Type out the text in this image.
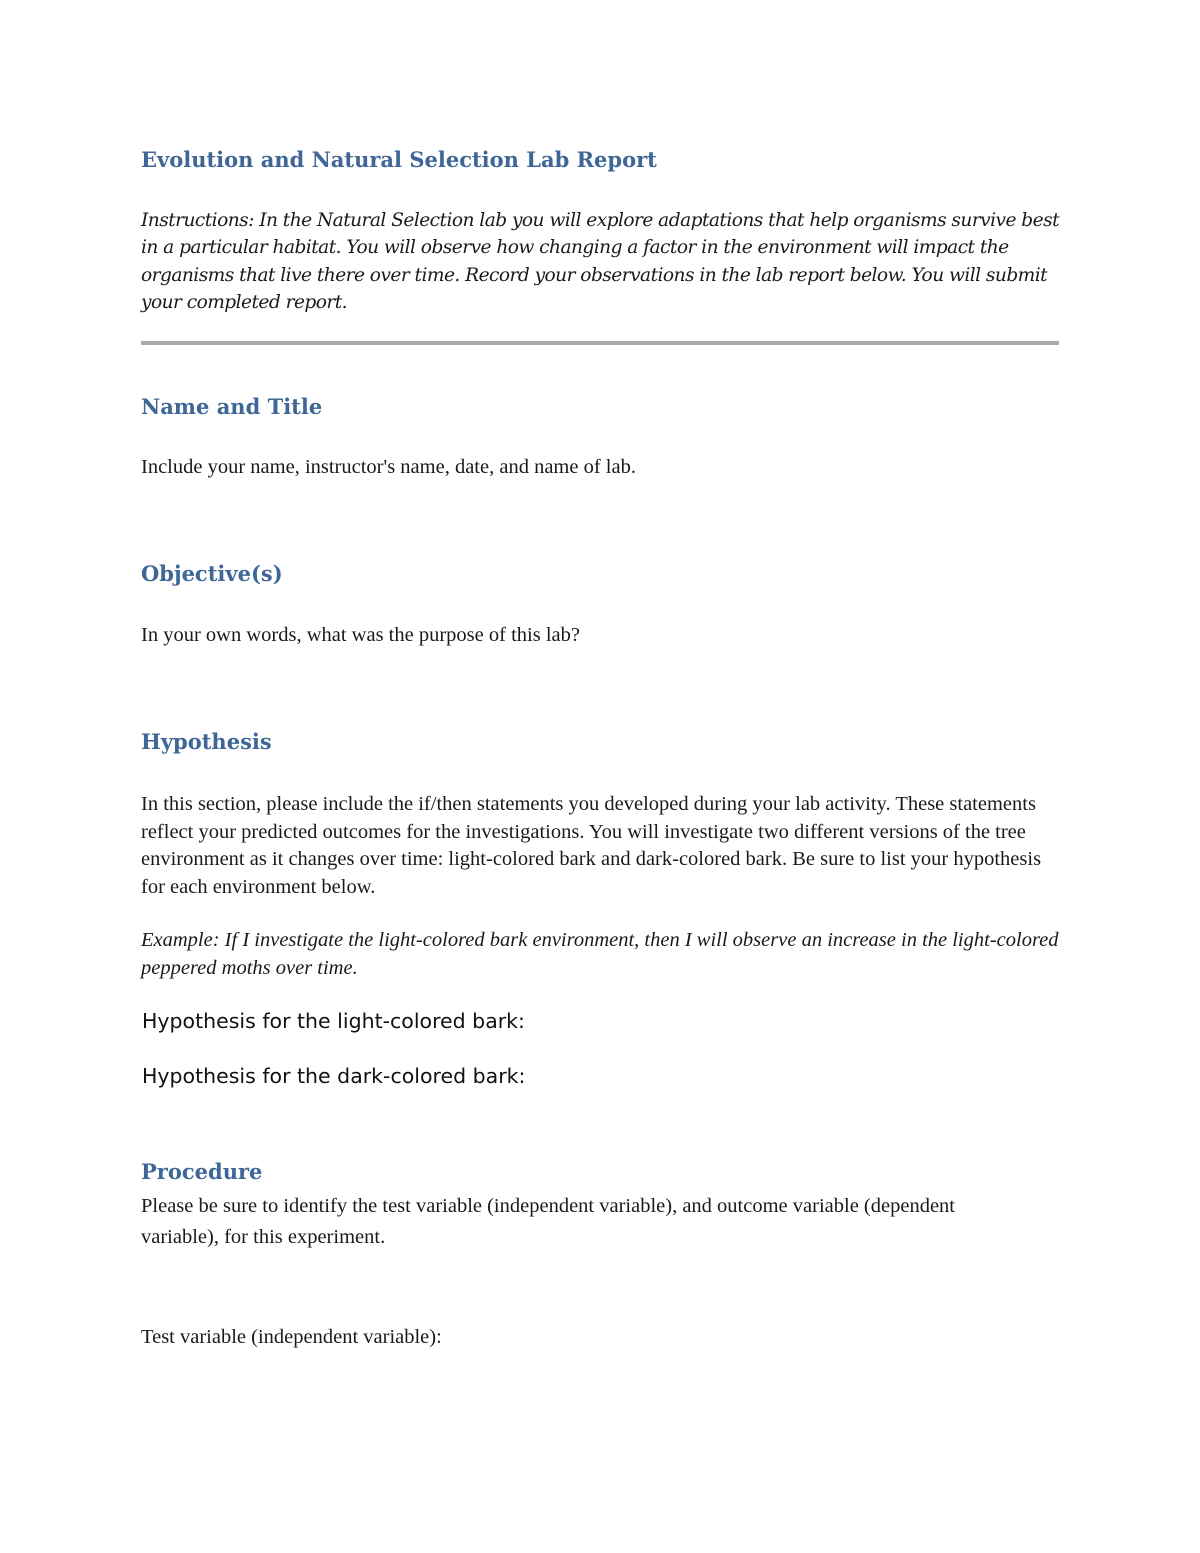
Evolution and Natural Selection Lab Report

Instructions: In the Natural Selection lab you will explore adaptations that help organisms survive best in a particular habitat. You will observe how changing a factor in the environment will impact the organisms that live there over time. Record your observations in the lab report below. You will submit your completed report.

Name and Title

Include your name, instructor's name, date, and name of lab.

Objective(s)

In your own words, what was the purpose of this lab?

Hypothesis

In this section, please include the if/then statements you developed during your lab activity. These statements reflect your predicted outcomes for the investigations. You will investigate two different versions of the tree environment as it changes over time: light-colored bark and dark-colored bark. Be sure to list your hypothesis for each environment below.

Example: If I investigate the light-colored bark environment, then I will observe an increase in the light-colored peppered moths over time.

Hypothesis for the light-colored bark:

Hypothesis for the dark-colored bark:

Procedure

Please be sure to identify the test variable (independent variable), and outcome variable (dependent variable), for this experiment.

Test variable (independent variable):
